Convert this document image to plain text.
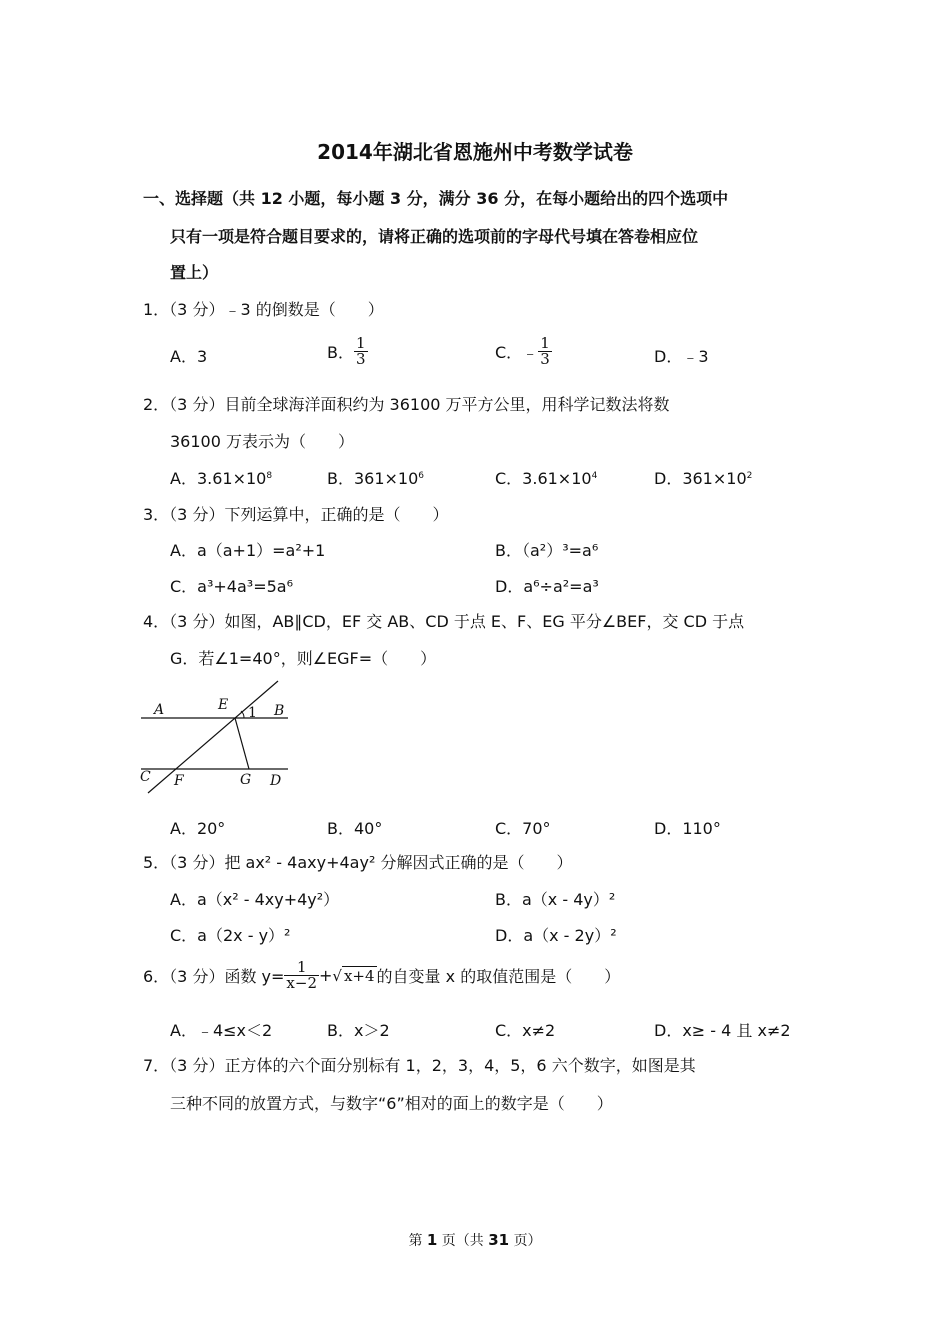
2014年湖北省恩施州中考数学试卷
一、选择题（共 12 小题，每小题 3 分，满分 36 分，在每小题给出的四个选项中
只有一项是符合题目要求的，请将正确的选项前的字母代号填在答卷相应位
置上）
1．（3 分）﹣3 的倒数是（　　）
A．3	B． $\frac{1}{3}$	C．﹣ $\frac{1}{3}$	D．﹣3
2．（3 分）目前全球海洋面积约为 36100 万平方公里，用科学记数法将数
36100 万表示为（　　）
A．$3.61\times 10^8$	B．$361\times 10^6$	C．$3.61\times 10^4$	D．$361\times 10^2$
3．（3 分）下列运算中，正确的是（　　）
A．a（a+1）=a²+1	B．（a²）³=a⁶
C．a³+4a³=5a⁶	D．a⁶÷a²=a³
4．（3 分）如图，AB∥CD，EF 交 AB、CD 于点 E、F、EG 平分∠BEF，交 CD 于点
G．若∠1=40°，则∠EGF=（　　）
A	E 1 B
C F	G D
A．20°	B．40°	C．70°	D．110°
5．（3 分）把 ax² - 4axy+4ay² 分解因式正确的是（　　）
A．a（x² - 4xy+4y²）	B．a（x - 4y）²
C．a（2x - y）²	D．a（x - 2y）²
6．（3 分）函数 $y= \frac{1}{x-2}$ +√ x+4 的自变量 x 的取值范围是（　　）
A．﹣4≤x＜2	B．x＞2	C．x≠2	D．x≥ - 4 且 x≠2
7．（3 分）正方体的六个面分别标有 1，2，3，4，5，6 六个数字，如图是其
三种不同的放置方式，与数字“6”相对的面上的数字是（　　）
第 1 页（共 31 页）
